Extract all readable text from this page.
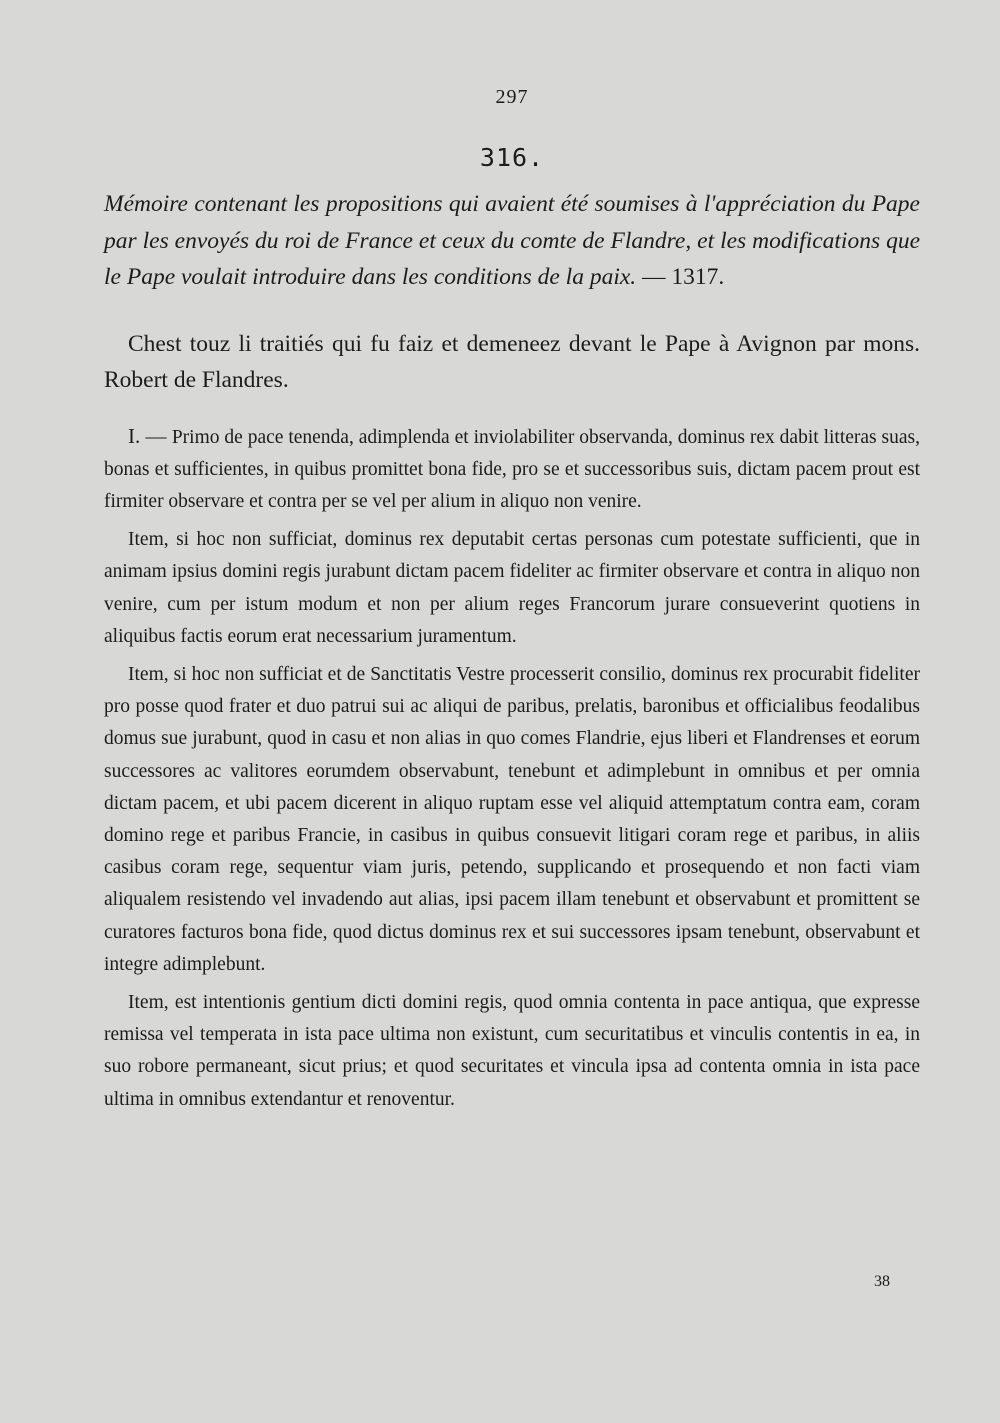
297
316.

Mémoire contenant les propositions qui avaient été soumises à l'appréciation du Pape par les envoyés du roi de France et ceux du comte de Flandre, et les modifications que le Pape voulait introduire dans les conditions de la paix. — 1317.

Chest touz li traitiés qui fu faiz et demeneez devant le Pape à Avignon par mons. Robert de Flandres.

I. — Primo de pace tenenda, adimplenda et inviolabiliter observanda, dominus rex dabit litteras suas, bonas et sufficientes, in quibus promittet bona fide, pro se et successoribus suis, dictam pacem prout est firmiter observare et contra per se vel per alium in aliquo non venire.

Item, si hoc non sufficiat, dominus rex deputabit certas personas cum potestate sufficienti, que in animam ipsius domini regis jurabunt dictam pacem fideliter ac firmiter observare et contra in aliquo non venire, cum per istum modum et non per alium reges Francorum jurare consueverint quotiens in aliquibus factis eorum erat necessarium juramentum.

Item, si hoc non sufficiat et de Sanctitatis Vestre processerit consilio, dominus rex procurabit fideliter pro posse quod frater et duo patrui sui ac aliqui de paribus, prelatis, baronibus et officialibus feodalibus domus sue jurabunt, quod in casu et non alias in quo comes Flandrie, ejus liberi et Flandrenses et eorum successores ac valitores eorumdem observabunt, tenebunt et adimplebunt in omnibus et per omnia dictam pacem, et ubi pacem dicerent in aliquo ruptam esse vel aliquid attemptatum contra eam, coram domino rege et paribus Francie, in casibus in quibus consuevit litigari coram rege et paribus, in aliis casibus coram rege, sequentur viam juris, petendo, supplicando et prosequendo et non facti viam aliqualem resistendo vel invadendo aut alias, ipsi pacem illam tenebunt et observabunt et promittent se curatores facturos bona fide, quod dictus dominus rex et sui successores ipsam tenebunt, observabunt et integre adimplebunt.

Item, est intentionis gentium dicti domini regis, quod omnia contenta in pace antiqua, que expresse remissa vel temperata in ista pace ultima non existunt, cum securitatibus et vinculis contentis in ea, in suo robore permaneant, sicut prius; et quod securitates et vincula ipsa ad contenta omnia in ista pace ultima in omnibus extendantur et renoventur.

38
